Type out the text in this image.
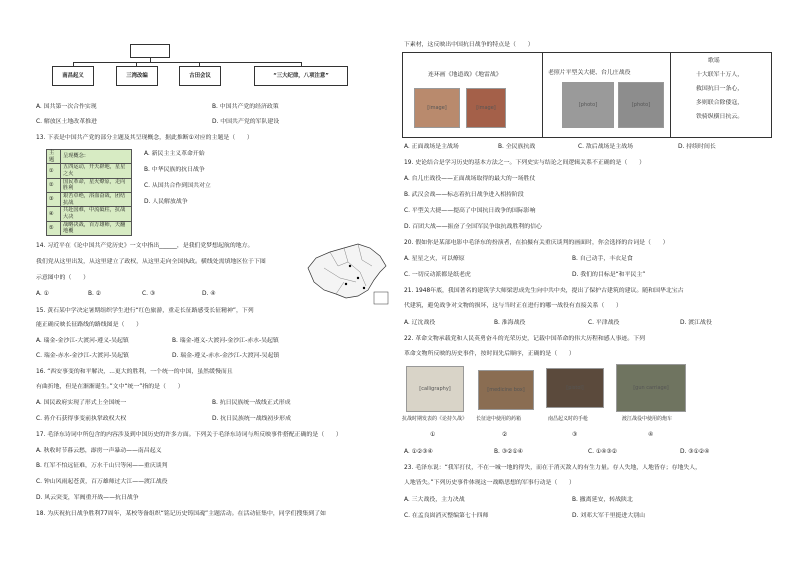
南昌起义	三湾改编	古田会议	“三大纪律，八项注意”
A. 国共第一次合作实现	B. 中国共产党的经济政策
C. 解放区土地改革推进	D. 中国共产党的军队建设
13. 下表是中国共产党的部分主题及其呈现概念，据此推断①对应的主题是（　　）
主题	呈现概念：
①	五四运动，开天辟地，星星之火
②	国民革命，星火燎原，走向胜利
③	艰苦卓绝，浴血奋战，团结抗战
④	共赴国难，中流砥柱，抗战大决
⑤	战略决战，百万雄师，天翻地覆
A. 新民主主义革命开始
B. 中华民族的抗日战争
C. 从国共合作到国共对立
D. 人民解放战争
14. 习近平在《论中国共产党历史》一文中指出______，是我们党梦想起航的地方。
我们党从这里出发，从这里建立了政权，从这里走向全国执政。横线处需填地区位于下图
示意图中的（　　）
A. ①	B. ②	C. ③	D. ④
15. 黄石某中学决定暑期组织学生进行“红色旅游，重走长征路感受长征精神”，下列
能正确反映长征路线的路线图是（　　）
A. 瑞金-金沙江-大渡河-遵义-吴起镇	B. 瑞金-遵义-大渡河-金沙江-赤水-吴起镇
C. 瑞金-赤水-金沙江-大渡河-吴起镇	D. 瑞金-遵义-赤水-金沙江-大渡河-吴起镇
16. “西安事变的和平解决，...更大的胜利，一个统一的中国，虽然缓慢而且
有曲折地，但是在渐渐诞生。”文中“统一”指的是（　　）
A. 国民政府实现了形式上全国统一	B. 抗日民族统一战线正式形成
C. 蒋介石获得事变前执掌政权大权	D. 抗日民族统一战线初步形成
17. 毛泽东诗词中所包含的内容涉及到中国历史的许多方面。下列关于毛泽东诗词与所反映事件搭配正确的是（　　）
A. 秋收时节暮云愁，霹雳一声暴动——南昌起义
B. 红军不怕远征难，万水千山只等闲——重庆谈判
C. 钟山风雨起苍黄，百万雄师过大江——渡江战役
D. 风云突变，军阀重开战——抗日战争
18. 为庆祝抗日战争胜利77周年，某校等备组织“铭记历史铸国魂”主题活动。在活动征集中，同学们搜集到了如
下素材，这反映出中国抗日战争的特点是（　　）
连环画《地道战》《地雷战》
[image]	[image]
老照片平型关大捷、台儿庄战役
[photo]	[photo]
歌谣
十大联军十万人，
救国抗日一条心，
多则联合除倭寇，
铁骑纵横日抗云。
A. 正面战场是主战场	B. 全民族抗战	C. 敌后战场是主战场	D. 持续时间长
19. 史论结合是学习历史的基本方法之一。下列史实与结论之间逻辑关系不正确的是（　　）
A. 台儿庄战役——正面战场取得的最大的一场胜仗
B. 武汉会战——标志着抗日战争进入相持阶段
C. 平型关大捷——提高了中国抗日战争的国际影响
D. 百团大战——振奋了全国军民争取抗战胜利的信心
20. 假如你是某部电影中毛泽东的扮演者，在拍摄有关重庆谈判的画面时，你会选择的台词是（　　）
A. 星星之火，可以燎原	B. 自己动手，丰衣足食
C. 一切反动派都是纸老虎	D. 我们的目标是“和平民主”
21. 1948年底，我国著名的建筑学大师梁思成先生向中共中央，提出了保护古建筑的建议。随和国华北宝古
代建筑，避免战争对文物的损坏，这与当时正在进行的哪一战役有直接关系（　　）
A. 辽沈战役	B. 淮海战役	C. 平津战役	D. 渡江战役
22. 革命文物承载党和人民英勇奋斗的光荣历史，记载中国革命的伟大历程和感人事迹。下列
革命文物所反映的历史事件，按时间先后顺序，正确的是（　　）
[calligraphy]	[medicine box]	[pistol]	[gun carriage]
抗战时期发表的《论持久战》 长征途中使用的药箱	南昌起义时的手枪	渡江战役中使用的炮车
①	②	③	④
A. ①②③④	B. ③②①④	C. ①④③②	D. ③①②④
23. 毛泽东说：“我军打仗，不在一城一地的得失，而在于消灭敌人的有生力量。存人失地，人地皆存；存地失人，
人地皆失。”下列历史事件体现这一战略思想的军事行动是（　　）
A. 三大战役，主力决战	B. 撤离延安，转战陕北
C. 在孟良崮消灭整编第七十四师	D. 刘邓大军千里挺进大别山
